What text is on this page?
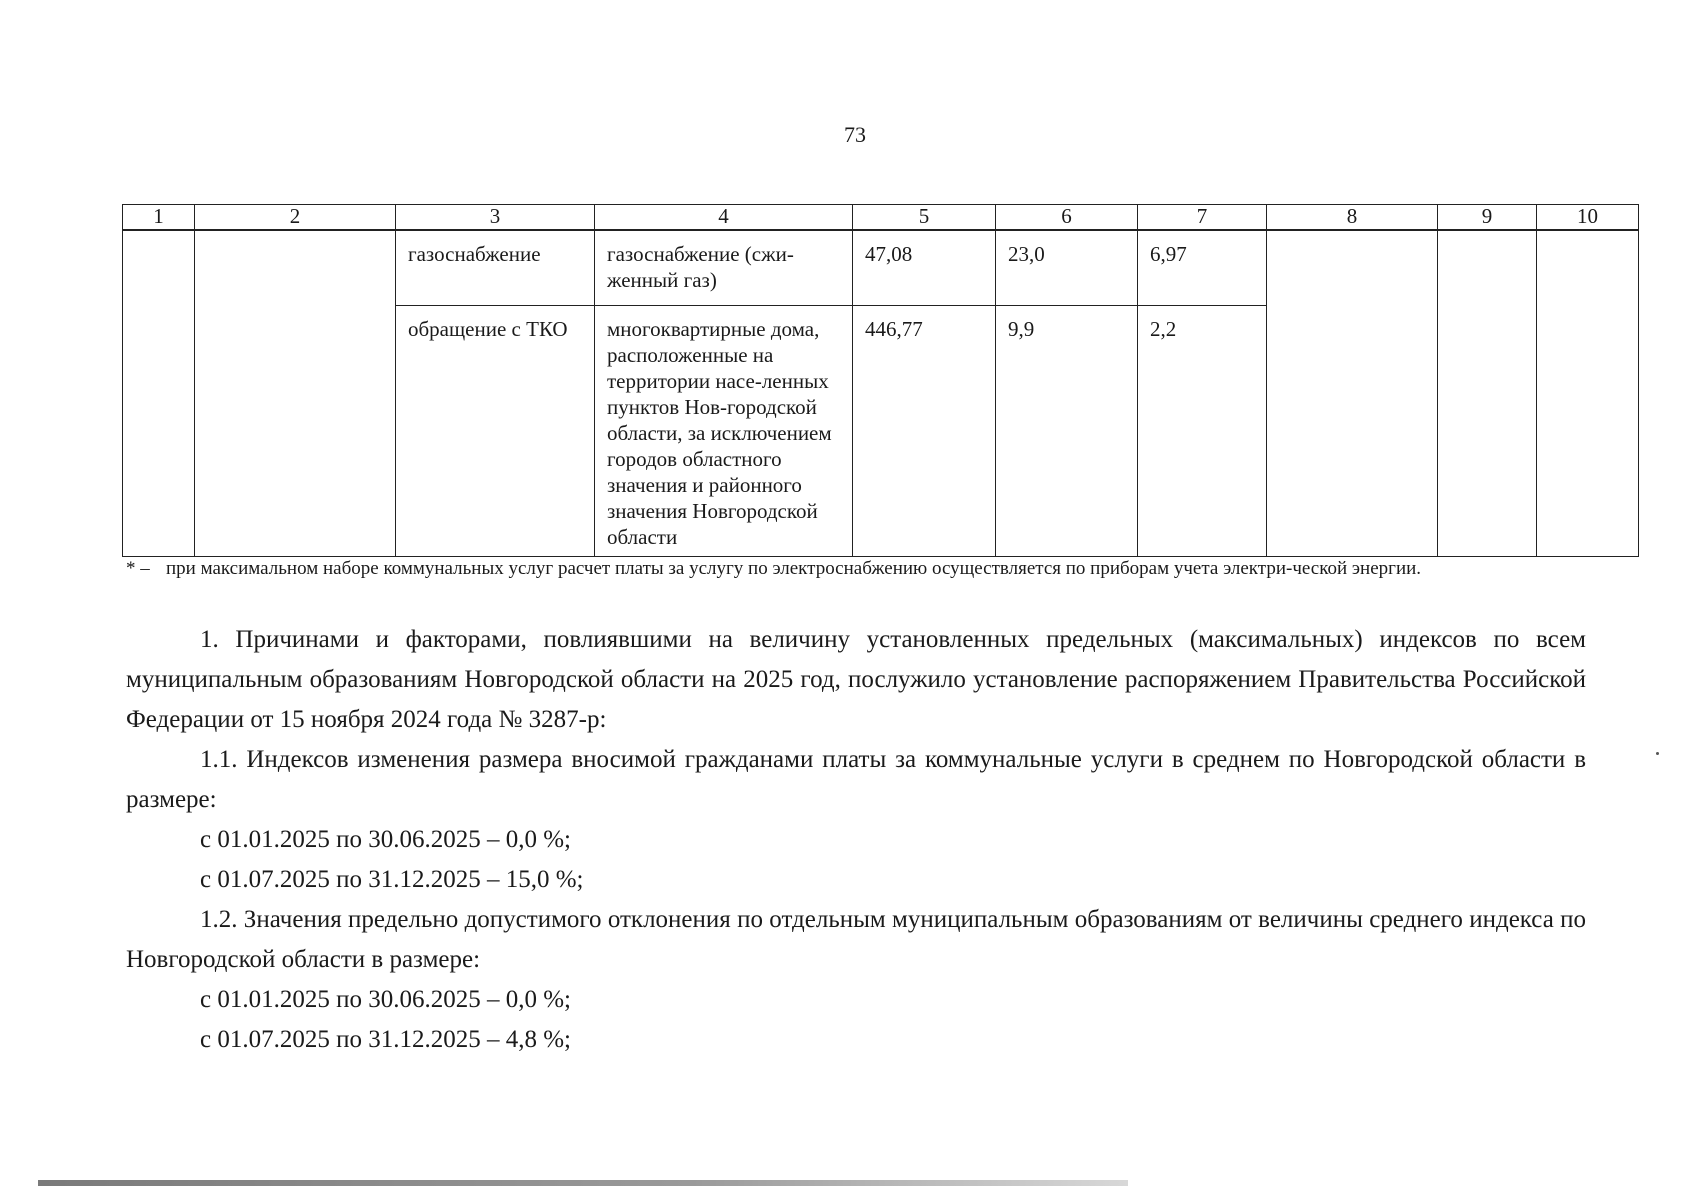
73
1	2	3	4	5	6	7	8	9	10
		газоснабжение	газоснабжение (сжи-женный газ)	47,08	23,0	6,97			
		обращение с ТКО	многоквартирные дома, расположенные на территории насе-ленных пунктов Нов-городской области, за исключением городов областного значения и районного значения Новгородской области	446,77	9,9	2,2			
* – при максимальном наборе коммунальных услуг расчет платы за услугу по электроснабжению осуществляется по приборам учета электри-ческой энергии.

1. Причинами и факторами, повлиявшими на величину установленных предельных (максимальных) индексов по всем муниципальным образованиям Новгородской области на 2025 год, послужило установление распоряжением Правительства Российской Федерации от 15 ноября 2024 года № 3287-р:

1.1. Индексов изменения размера вносимой гражданами платы за коммунальные услуги в среднем по Новгородской области в размере:

с 01.01.2025 по 30.06.2025 – 0,0 %;

с 01.07.2025 по 31.12.2025 – 15,0 %;

1.2. Значения предельно допустимого отклонения по отдельным муниципальным образованиям от величины среднего индекса по Новгородской области в размере:

с 01.01.2025 по 30.06.2025 – 0,0 %;

с 01.07.2025 по 31.12.2025 – 4,8 %;
